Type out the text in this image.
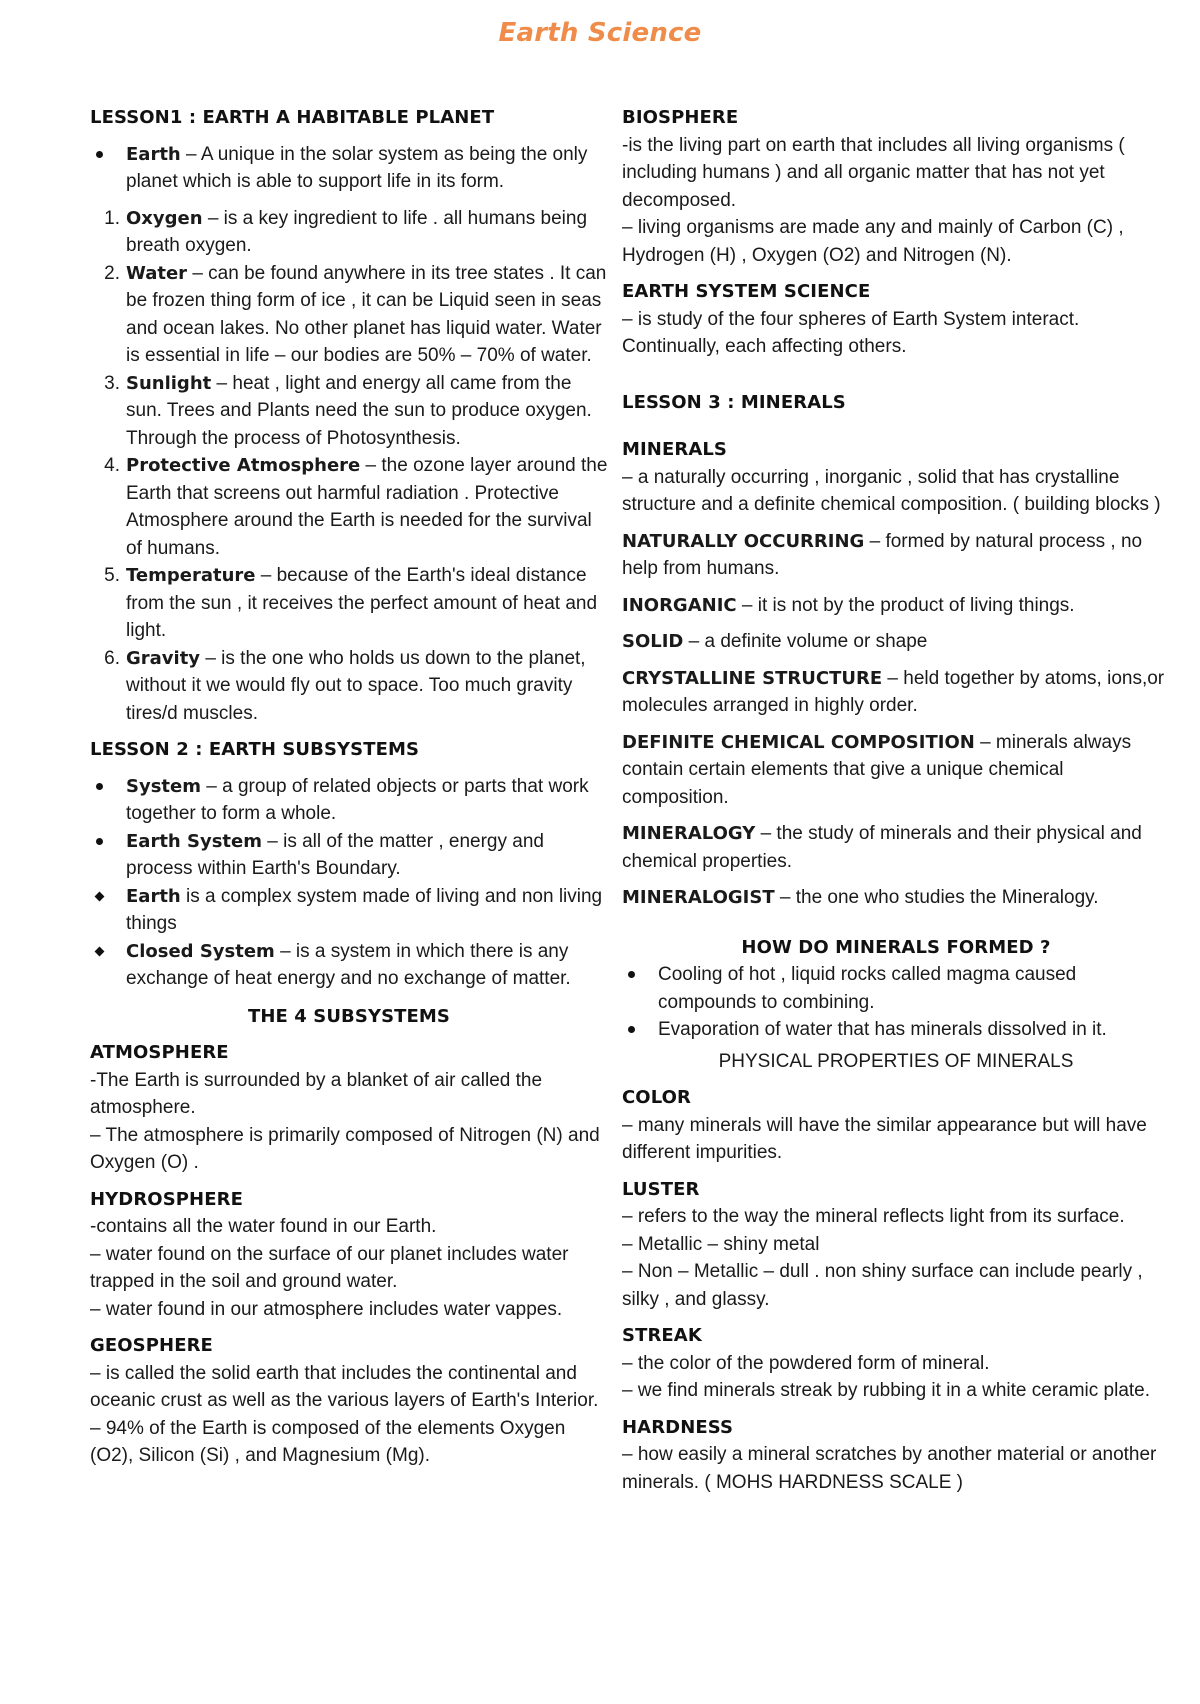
Earth Science

LESSON1 : EARTH A HABITABLE PLANET

Earth – A unique in the solar system as being the only planet which is able to support life in its form.
1. Oxygen – is a key ingredient to life . all humans being breath oxygen.
2. Water – can be found anywhere in its tree states . It can be frozen thing form of ice , it can be Liquid seen in seas and ocean lakes. No other planet has liquid water. Water is essential in life – our bodies are 50% – 70% of water.
3. Sunlight – heat , light and energy all came from the sun. Trees and Plants need the sun to produce oxygen. Through the process of Photosynthesis.
4. Protective Atmosphere – the ozone layer around the Earth that screens out harmful radiation . Protective Atmosphere around the Earth is needed for the survival of humans.
5. Temperature – because of the Earth's ideal distance from the sun , it receives the perfect amount of heat and light.
6. Gravity – is the one who holds us down to the planet, without it we would fly out to space. Too much gravity tires/d muscles.

LESSON 2 : EARTH SUBSYSTEMS

System – a group of related objects or parts that work together to form a whole.
Earth System – is all of the matter , energy and process within Earth's Boundary.
Earth is a complex system made of living and non living things
Closed System – is a system in which there is any exchange of heat energy and no exchange of matter.

THE 4 SUBSYSTEMS

ATMOSPHERE

-The Earth is surrounded by a blanket of air called the atmosphere.

– The atmosphere is primarily composed of Nitrogen (N) and Oxygen (O) .

HYDROSPHERE

-contains all the water found in our Earth.

– water found on the surface of our planet includes water trapped in the soil and ground water.

– water found in our atmosphere includes water vappes.

GEOSPHERE

– is called the solid earth that includes the continental and oceanic crust as well as the various layers of Earth's Interior.

– 94% of the Earth is composed of the elements Oxygen (O2), Silicon (Si) , and Magnesium (Mg).

BIOSPHERE

-is the living part on earth that includes all living organisms ( including humans ) and all organic matter that has not yet decomposed.

– living organisms are made any and mainly of Carbon (C) , Hydrogen (H) , Oxygen (O2) and Nitrogen (N).

EARTH SYSTEM SCIENCE

– is study of the four spheres of Earth System interact. Continually, each affecting others.

LESSON 3 : MINERALS

MINERALS

– a naturally occurring , inorganic , solid that has crystalline structure and a definite chemical composition. ( building blocks )

NATURALLY OCCURRING – formed by natural process , no help from humans.

INORGANIC – it is not by the product of living things.

SOLID – a definite volume or shape

CRYSTALLINE STRUCTURE – held together by atoms, ions,or molecules arranged in highly order.

DEFINITE CHEMICAL COMPOSITION – minerals always contain certain elements that give a unique chemical composition.

MINERALOGY – the study of minerals and their physical and chemical properties.

MINERALOGIST – the one who studies the Mineralogy.

HOW DO MINERALS FORMED ?

Cooling of hot , liquid rocks called magma caused compounds to combining.
Evaporation of water that has minerals dissolved in it.

PHYSICAL PROPERTIES OF MINERALS

COLOR

– many minerals will have the similar appearance but will have different impurities.

LUSTER

– refers to the way the mineral reflects light from its surface.

– Metallic – shiny metal

– Non – Metallic – dull . non shiny surface can include pearly , silky , and glassy.

STREAK

– the color of the powdered form of mineral.

– we find minerals streak by rubbing it in a white ceramic plate.

HARDNESS

– how easily a mineral scratches by another material or another minerals. ( MOHS HARDNESS SCALE )
